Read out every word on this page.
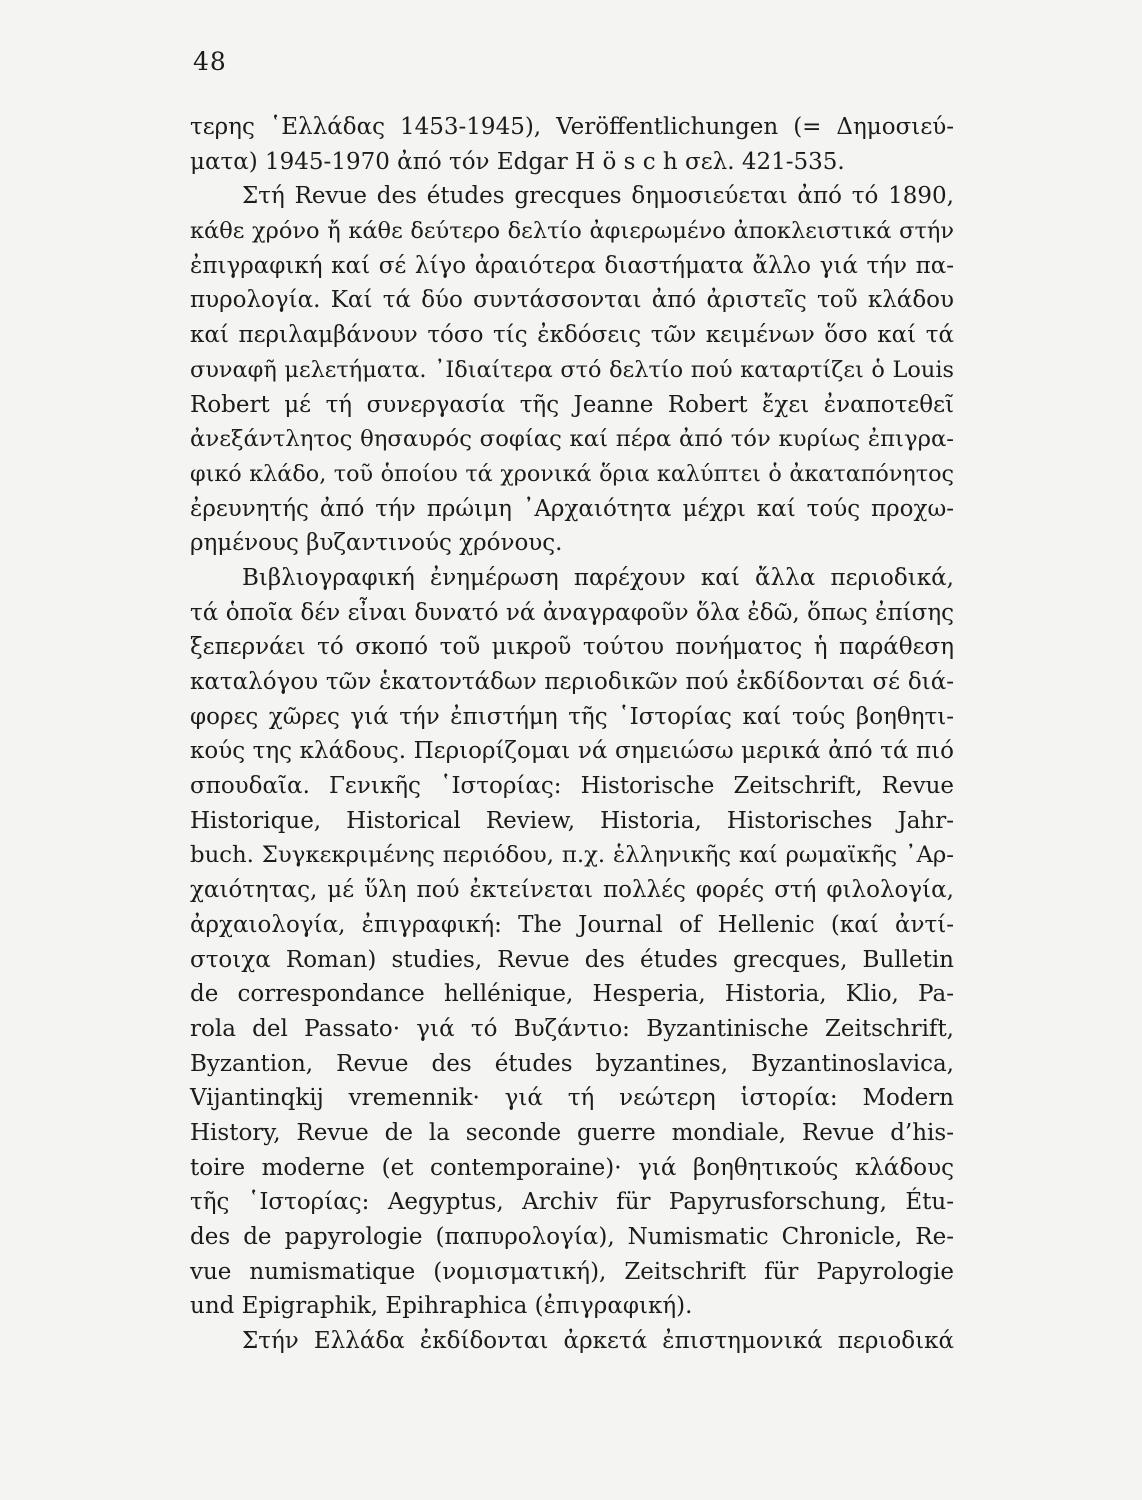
48
τερης ῾Ελλάδας 1453-1945), Veröffentlichungen (= Δημοσιεύ-
ματα) 1945-1970 ἀπό τόν Edgar H ö s c h σελ. 421-535.
Στή Revue des études grecques δημοσιεύεται ἀπό τό 1890,
κάθε χρόνο ἤ κάθε δεύτερο δελτίο ἀφιερωμένο ἀποκλειστικά στήν
ἐπιγραφική καί σέ λίγο ἀραιότερα διαστήματα ἄλλο γιά τήν πα-
πυρολογία. Καί τά δύο συντάσσονται ἀπό ἀριστεῖς τοῦ κλάδου
καί περιλαμβάνουν τόσο τίς ἐκδόσεις τῶν κειμένων ὅσο καί τά
συναφῆ μελετήματα. ᾿Ιδιαίτερα στό δελτίο πού καταρτίζει ὁ Louis
Robert μέ τή συνεργασία τῆς Jeanne Robert ἔχει ἐναποτεθεῖ
ἀνεξάντλητος θησαυρός σοφίας καί πέρα ἀπό τόν κυρίως ἐπιγρα-
φικό κλάδο, τοῦ ὁποίου τά χρονικά ὅρια καλύπτει ὁ ἀκαταπόνητος
ἐρευνητής ἀπό τήν πρώιμη ᾿Αρχαιότητα μέχρι καί τούς προχω-
ρημένους βυζαντινούς χρόνους.
Βιβλιογραφική ἐνημέρωση παρέχουν καί ἄλλα περιοδικά,
τά ὁποῖα δέν εἶναι δυνατό νά ἀναγραφοῦν ὅλα ἐδῶ, ὅπως ἐπίσης
ξεπερνάει τό σκοπό τοῦ μικροῦ τούτου πονήματος ἡ παράθεση
καταλόγου τῶν ἑκατοντάδων περιοδικῶν πού ἐκδίδονται σέ διά-
φορες χῶρες γιά τήν ἐπιστήμη τῆς ῾Ιστορίας καί τούς βοηθητι-
κούς της κλάδους. Περιορίζομαι νά σημειώσω μερικά ἀπό τά πιό
σπουδαῖα. Γενικῆς ῾Ιστορίας: Historische Zeitschrift, Revue
Historique, Historical Review, Historia, Historisches Jahr-
buch. Συγκεκριμένης περιόδου, π.χ. ἑλληνικῆς καί ρωμαϊκῆς ᾿Αρ-
χαιότητας, μέ ὕλη πού ἐκτείνεται πολλές φορές στή φιλολογία,
ἀρχαιολογία, ἐπιγραφική: The Journal of Hellenic (καί ἀντί-
στοιχα Roman) studies, Revue des études grecques, Bulletin
de correspondance hellénique, Hesperia, Historia, Klio, Pa-
rola del Passato· γιά τό Βυζάντιο: Byzantinische Zeitschrift,
Byzantion, Revue des études byzantines, Byzantinoslavica,
Vijantinqkij vremennik· γιά τή νεώτερη ἱστορία: Modern
History, Revue de la seconde guerre mondiale, Revue d’his-
toire moderne (et contemporaine)· γιά βοηθητικούς κλάδους
τῆς ῾Ιστορίας: Aegyptus, Archiv für Papyrusforschung, Étu-
des de papyrologie (παπυρολογία), Numismatic Chronicle, Re-
vue numismatique (νομισματική), Zeitschrift für Papyrologie
und Epigraphik, Epihraphica (ἐπιγραφική).
Στήν Ελλάδα ἐκδίδονται ἀρκετά ἐπιστημονικά περιοδικά
